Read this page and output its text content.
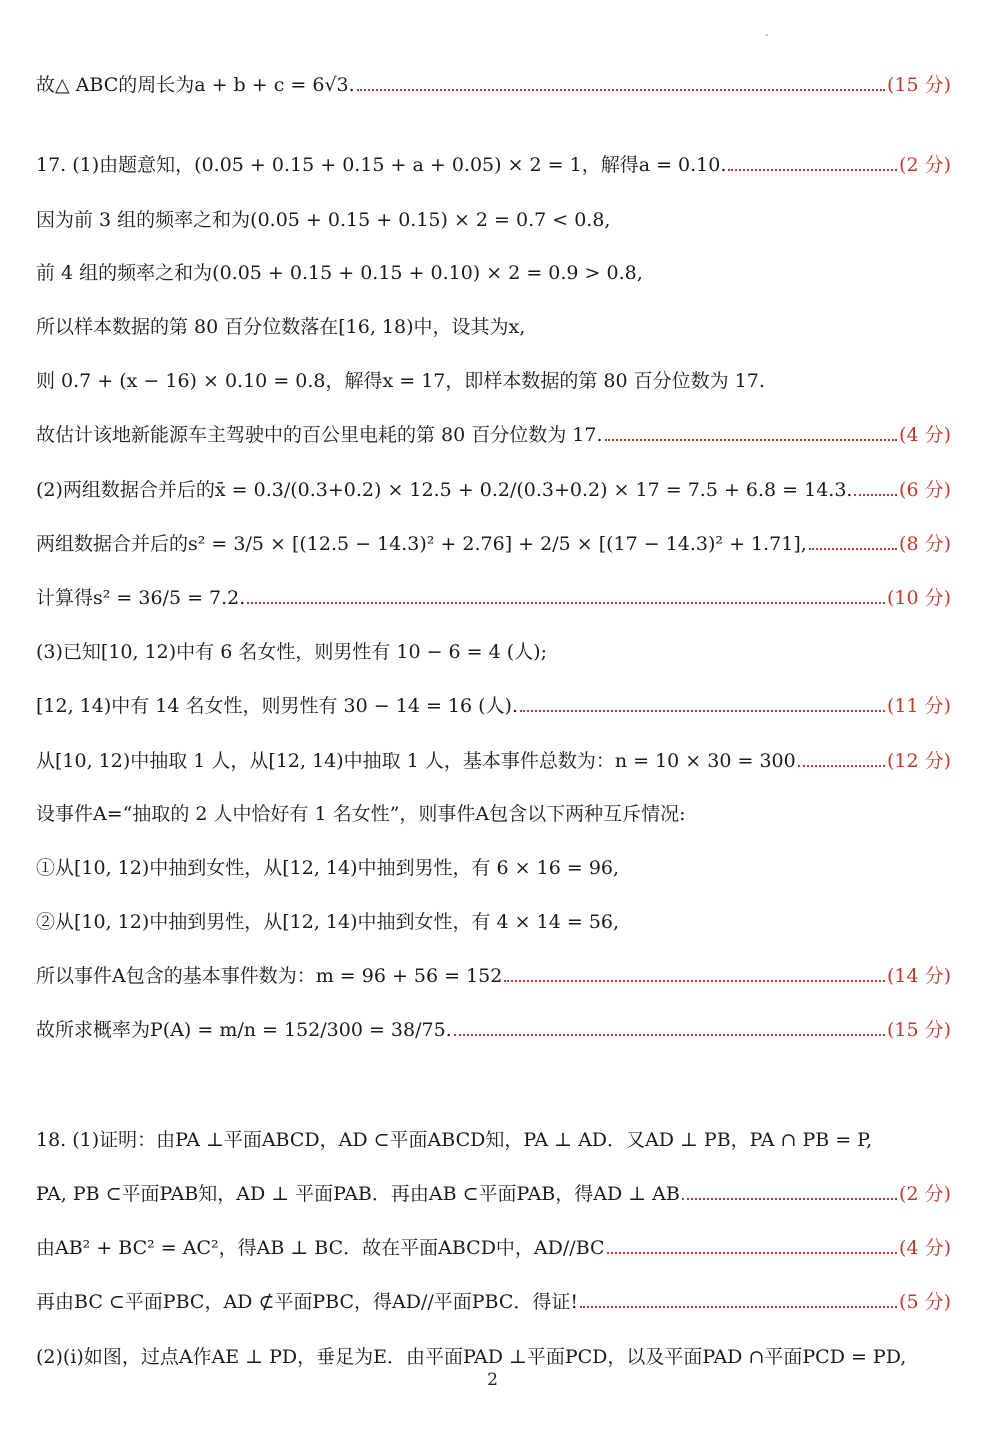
-
故△ ABC的周长为a + b + c = 6√3.	(15 分)
17. (1)由题意知，(0.05 + 0.15 + 0.15 + a + 0.05) × 2 = 1，解得a = 0.10.	(2 分)
因为前 3 组的频率之和为(0.05 + 0.15 + 0.15) × 2 = 0.7 < 0.8,
前 4 组的频率之和为(0.05 + 0.15 + 0.15 + 0.10) × 2 = 0.9 > 0.8,
所以样本数据的第 80 百分位数落在[16, 18)中，设其为x,
则 0.7 + (x − 16) × 0.10 = 0.8，解得x = 17，即样本数据的第 80 百分位数为 17.
故估计该地新能源车主驾驶中的百公里电耗的第 80 百分位数为 17.	(4 分)
(2)两组数据合并后的x̄ = 0.3/(0.3+0.2) × 12.5 + 0.2/(0.3+0.2) × 17 = 7.5 + 6.8 = 14.3. (6 分)
两组数据合并后的s² = 3/5 × [(12.5 − 14.3)² + 2.76] + 2/5 × [(17 − 14.3)² + 1.71],	(8 分)
计算得s² = 36/5 = 7.2.	(10 分)
(3)已知[10, 12)中有 6 名女性，则男性有 10 − 6 = 4 (人);
[12, 14)中有 14 名女性，则男性有 30 − 14 = 16 (人).	(11 分)
从[10, 12)中抽取 1 人，从[12, 14)中抽取 1 人，基本事件总数为：n = 10 × 30 = 300	(12 分)
设事件A=“抽取的 2 人中恰好有 1 名女性”，则事件A包含以下两种互斥情况:
①从[10, 12)中抽到女性，从[12, 14)中抽到男性，有 6 × 16 = 96,
②从[10, 12)中抽到男性，从[12, 14)中抽到女性，有 4 × 14 = 56,
所以事件A包含的基本事件数为：m = 96 + 56 = 152	(14 分)
故所求概率为P(A) = m/n = 152/300 = 38/75.	(15 分)
18. (1)证明：由PA ⊥平面ABCD，AD ⊂平面ABCD知，PA ⊥ AD．又AD ⊥ PB，PA ∩ PB = P,
PA, PB ⊂平面PAB知，AD ⊥ 平面PAB．再由AB ⊂平面PAB，得AD ⊥ AB	(2 分)
由AB² + BC² = AC²，得AB ⊥ BC．故在平面ABCD中，AD//BC	(4 分)
再由BC ⊂平面PBC，AD ⊄平面PBC，得AD//平面PBC．得证!	(5 分)
(2)(i)如图，过点A作AE ⊥ PD，垂足为E．由平面PAD ⊥平面PCD，以及平面PAD ∩平面PCD = PD,
2
